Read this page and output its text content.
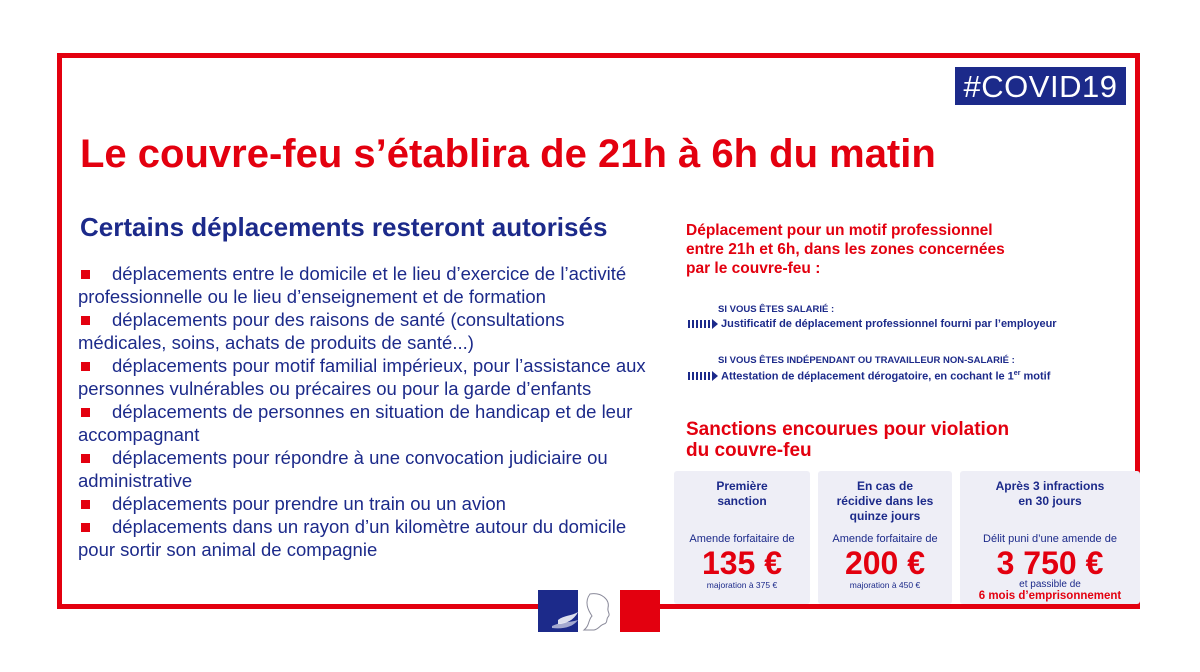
#COVID19
Le couvre-feu s’établira de 21h à 6h du matin
Certains déplacements resteront autorisés
déplacements entre le domicile et le lieu d’exercice de l’activité
professionnelle ou le lieu d’enseignement et de formation
déplacements pour des raisons de santé (consultations
médicales, soins, achats de produits de santé...)
déplacements pour motif familial impérieux, pour l’assistance aux
personnes vulnérables ou précaires ou pour la garde d’enfants
déplacements de personnes en situation de handicap et de leur
accompagnant
déplacements pour répondre à une convocation judiciaire ou
administrative
déplacements pour prendre un train ou un avion
déplacements dans un rayon d’un kilomètre autour du domicile
pour sortir son animal de compagnie
Déplacement pour un motif professionnel
entre 21h et 6h, dans les zones concernées
par le couvre-feu :
SI VOUS ÊTES SALARIÉ :
Justificatif de déplacement professionnel fourni par l’employeur
SI VOUS ÊTES INDÉPENDANT OU TRAVAILLEUR NON-SALARIÉ :
Attestation de déplacement dérogatoire, en cochant le 1er motif
Sanctions encourues pour violation
du couvre-feu
Première
sanction
Amende forfaitaire de
135 €
majoration à 375 €
En cas de
récidive dans les
quinze jours
Amende forfaitaire de
200 €
majoration à 450 €
Après 3 infractions
en 30 jours
Délit puni d’une amende de
3 750 €
et passible de
6 mois d’emprisonnement
